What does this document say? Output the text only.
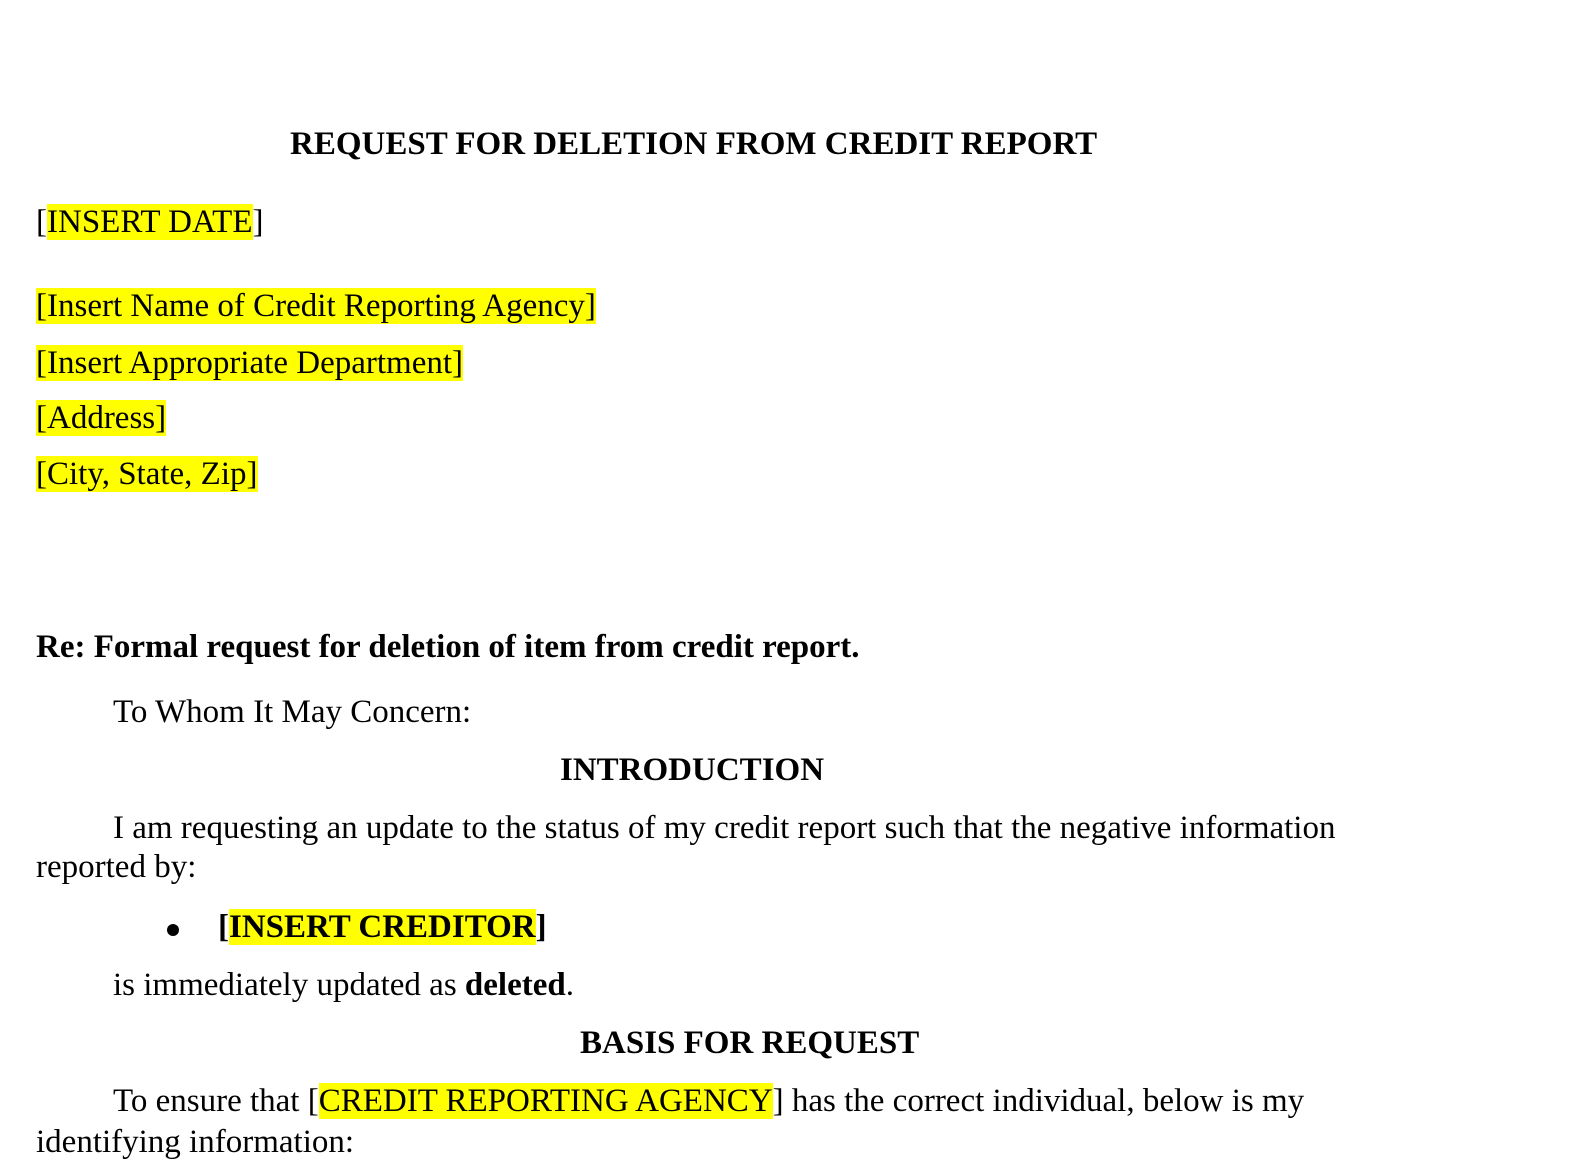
REQUEST FOR DELETION FROM CREDIT REPORT
[INSERT DATE]
[Insert Name of Credit Reporting Agency]
[Insert Appropriate Department]
[Address]
[City, State, Zip]
Re: Formal request for deletion of item from credit report.
To Whom It May Concern:
INTRODUCTION
I am requesting an update to the status of my credit report such that the negative information
reported by:
[INSERT CREDITOR]
is immediately updated as deleted.
BASIS FOR REQUEST
To ensure that [CREDIT REPORTING AGENCY] has the correct individual, below is my
identifying information:
